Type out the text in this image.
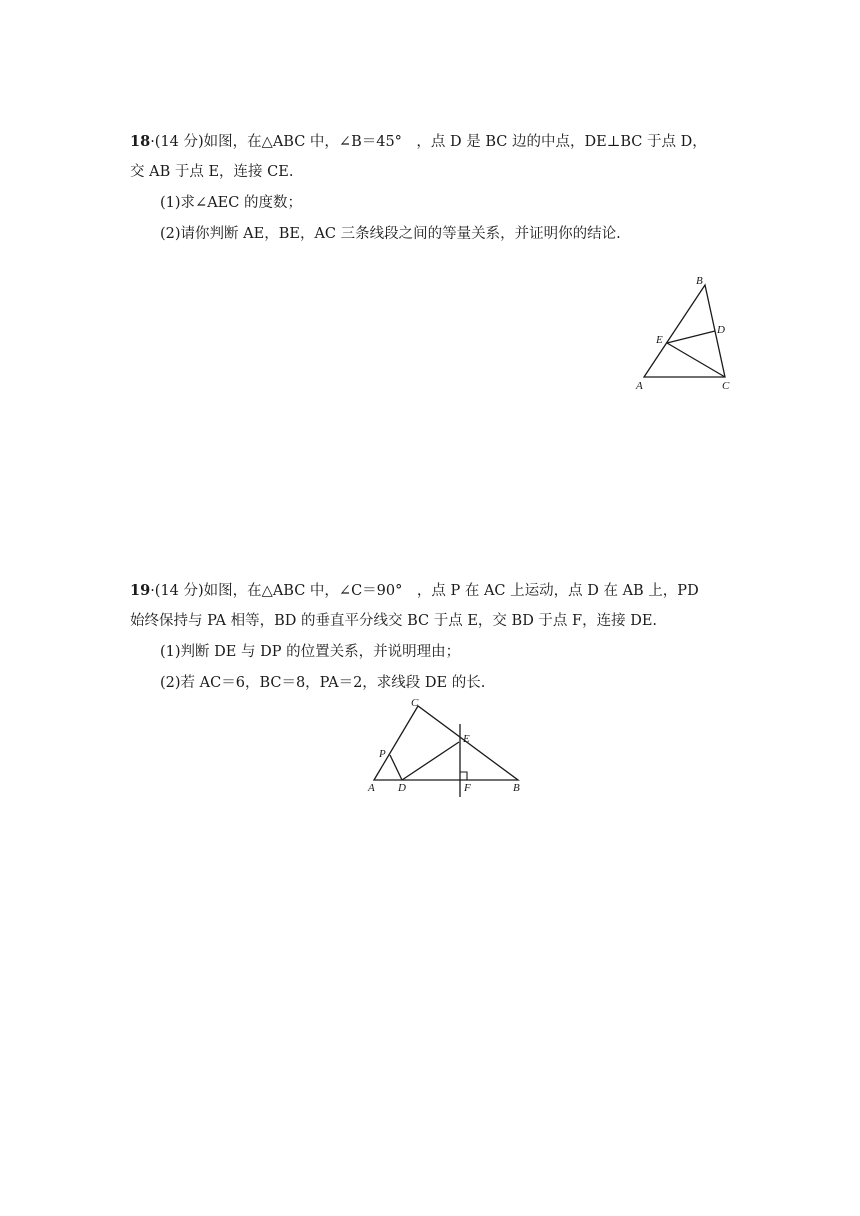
18·(14 分)如图，在△ABC 中，∠B＝45°　，点 D 是 BC 边的中点，DE⊥BC 于点 D，
交 AB 于点 E，连接 CE.
(1)求∠AEC 的度数；
(2)请你判断 AE，BE，AC 三条线段之间的等量关系，并证明你的结论.
B
D
E
A	C
19·(14 分)如图，在△ABC 中，∠C＝90°　，点 P 在 AC 上运动，点 D 在 AB 上，PD
始终保持与 PA 相等，BD 的垂直平分线交 BC 于点 E，交 BD 于点 F，连接 DE.
(1)判断 DE 与 DP 的位置关系，并说明理由；
(2)若 AC＝6，BC＝8，PA＝2，求线段 DE 的长.
C
E
P
A D	F	B
